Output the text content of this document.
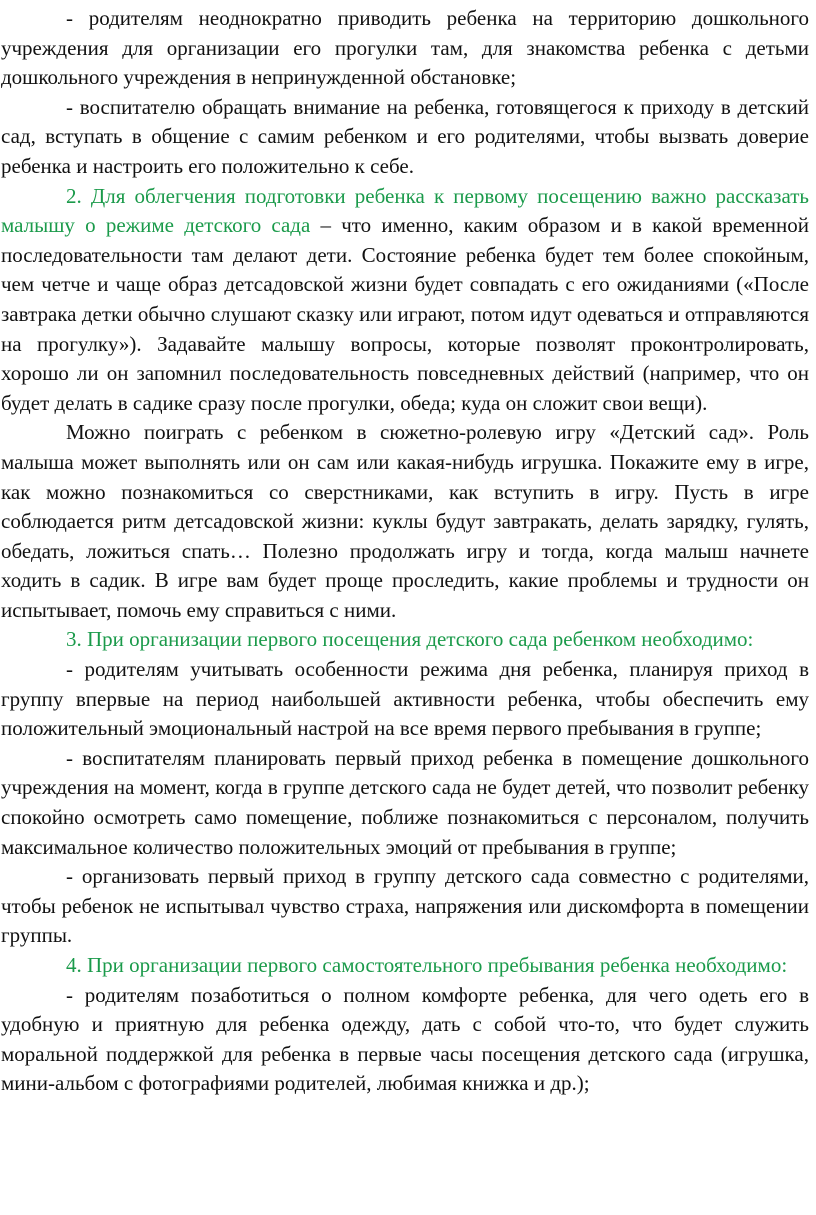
- родителям неоднократно приводить ребенка на территорию дошкольного учреждения для организации его прогулки там, для знакомства ребенка с детьми дошкольного учреждения в непринужденной обстановке;

- воспитателю обращать внимание на ребенка, готовящегося к приходу в детский сад, вступать в общение с самим ребенком и его родителями, чтобы вызвать доверие ребенка и настроить его положительно к себе.

2. Для облегчения подготовки ребенка к первому посещению важно рассказать малышу о режиме детского сада – что именно, каким образом и в какой временной последовательности там делают дети. Состояние ребенка будет тем более спокойным, чем четче и чаще образ детсадовской жизни будет совпадать с его ожиданиями («После завтрака детки обычно слушают сказку или играют, потом идут одеваться и отправляются на прогулку»). Задавайте малышу вопросы, которые позволят проконтролировать, хорошо ли он запомнил последовательность повседневных действий (например, что он будет делать в садике сразу после прогулки, обеда; куда он сложит свои вещи).

Можно поиграть с ребенком в сюжетно-ролевую игру «Детский сад». Роль малыша может выполнять или он сам или какая-нибудь игрушка. Покажите ему в игре, как можно познакомиться со сверстниками, как вступить в игру. Пусть в игре соблюдается ритм детсадовской жизни: куклы будут завтракать, делать зарядку, гулять, обедать, ложиться спать… Полезно продолжать игру и тогда, когда малыш начнете ходить в садик. В игре вам будет проще проследить, какие проблемы и трудности он испытывает, помочь ему справиться с ними.

3. При организации первого посещения детского сада ребенком необходимо:

- родителям учитывать особенности режима дня ребенка, планируя приход в группу впервые на период наибольшей активности ребенка, чтобы обеспечить ему положительный эмоциональный настрой на все время первого пребывания в группе;

- воспитателям планировать первый приход ребенка в помещение дошкольного учреждения на момент, когда в группе детского сада не будет детей, что позволит ребенку спокойно осмотреть само помещение, поближе познакомиться с персоналом, получить максимальное количество положительных эмоций от пребывания в группе;

- организовать первый приход в группу детского сада совместно с родителями, чтобы ребенок не испытывал чувство страха, напряжения или дискомфорта в помещении группы.

4. При организации первого самостоятельного пребывания ребенка необходимо:

- родителям позаботиться о полном комфорте ребенка, для чего одеть его в удобную и приятную для ребенка одежду, дать с собой что-то, что будет служить моральной поддержкой для ребенка в первые часы посещения детского сада (игрушка, мини-альбом с фотографиями родителей, любимая книжка и др.);
